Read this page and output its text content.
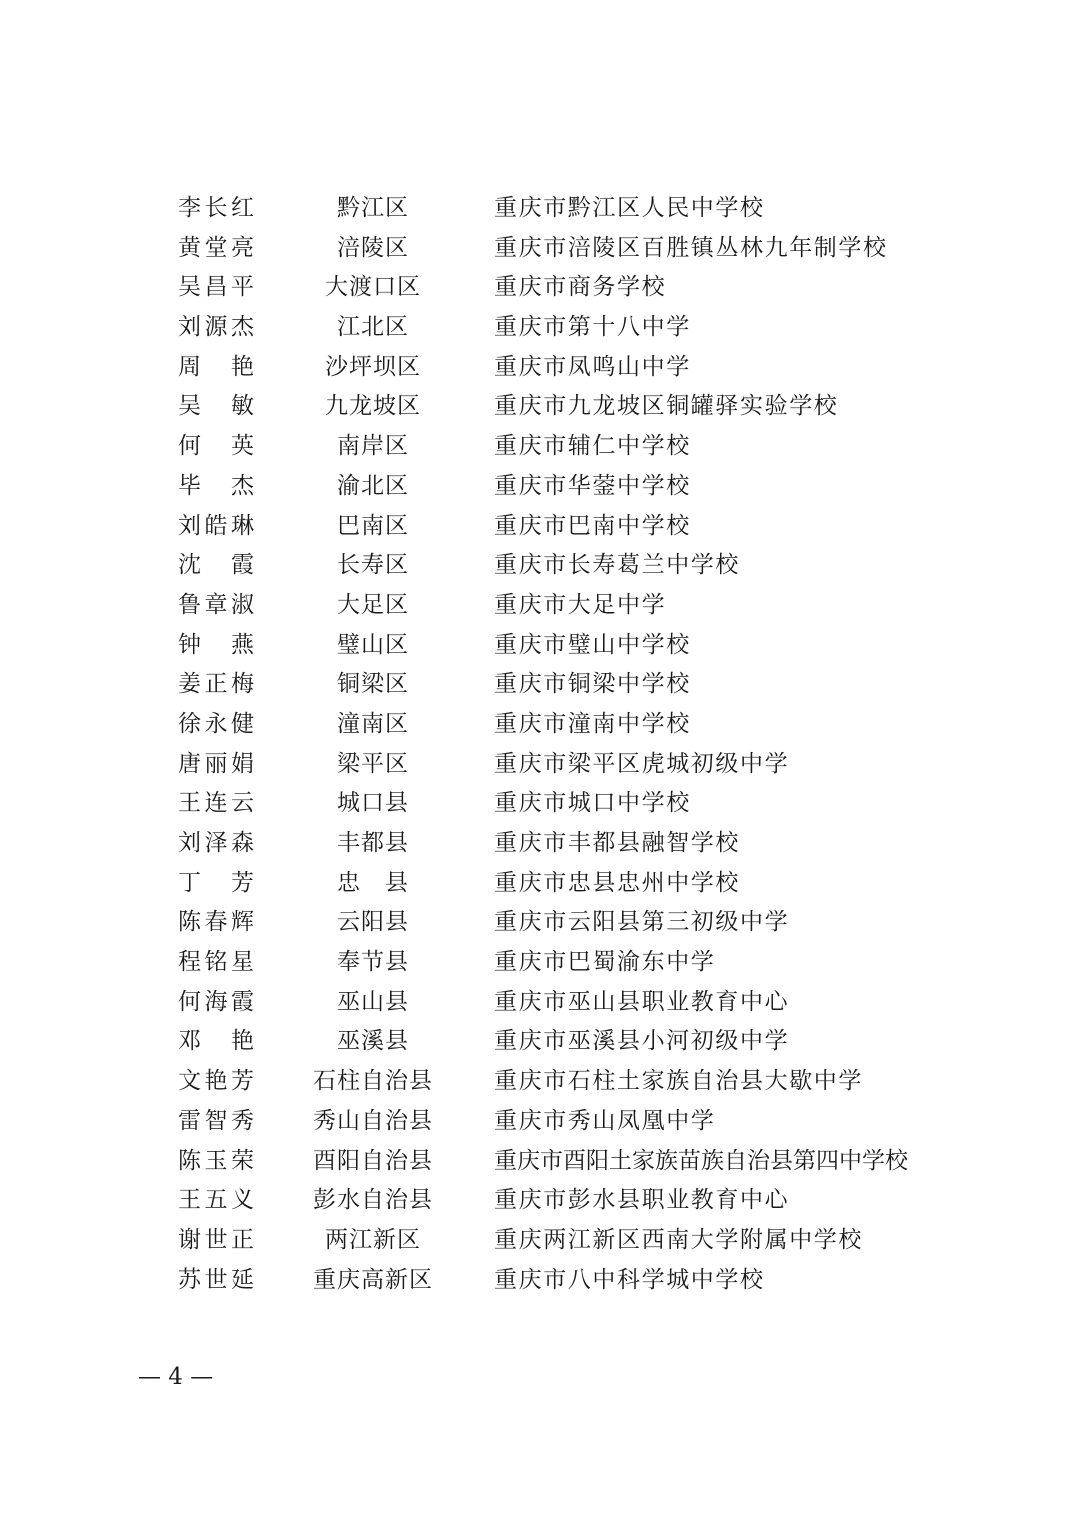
李长红	黔江区	重庆市黔江区人民中学校
黄堂亮	涪陵区	重庆市涪陵区百胜镇丛林九年制学校
吴昌平	大渡口区	重庆市商务学校
刘源杰	江北区	重庆市第十八中学
周艳	沙坪坝区	重庆市凤鸣山中学
吴敏	九龙坡区	重庆市九龙坡区铜罐驿实验学校
何英	南岸区	重庆市辅仁中学校
毕杰	渝北区	重庆市华蓥中学校
刘皓琳	巴南区	重庆市巴南中学校
沈霞	长寿区	重庆市长寿葛兰中学校
鲁章淑	大足区	重庆市大足中学
钟燕	璧山区	重庆市璧山中学校
姜正梅	铜梁区	重庆市铜梁中学校
徐永健	潼南区	重庆市潼南中学校
唐丽娟	梁平区	重庆市梁平区虎城初级中学
王连云	城口县	重庆市城口中学校
刘泽森	丰都县	重庆市丰都县融智学校
丁芳	忠　县	重庆市忠县忠州中学校
陈春辉	云阳县	重庆市云阳县第三初级中学
程铭星	奉节县	重庆市巴蜀渝东中学
何海霞	巫山县	重庆市巫山县职业教育中心
邓艳	巫溪县	重庆市巫溪县小河初级中学
文艳芳	石柱自治县	重庆市石柱土家族自治县大歇中学
雷智秀	秀山自治县	重庆市秀山凤凰中学
陈玉荣	酉阳自治县	重庆市酉阳土家族苗族自治县第四中学校
王五义	彭水自治县	重庆市彭水县职业教育中心
谢世正	两江新区	重庆两江新区西南大学附属中学校
苏世延	重庆高新区	重庆市八中科学城中学校
— 4 —
